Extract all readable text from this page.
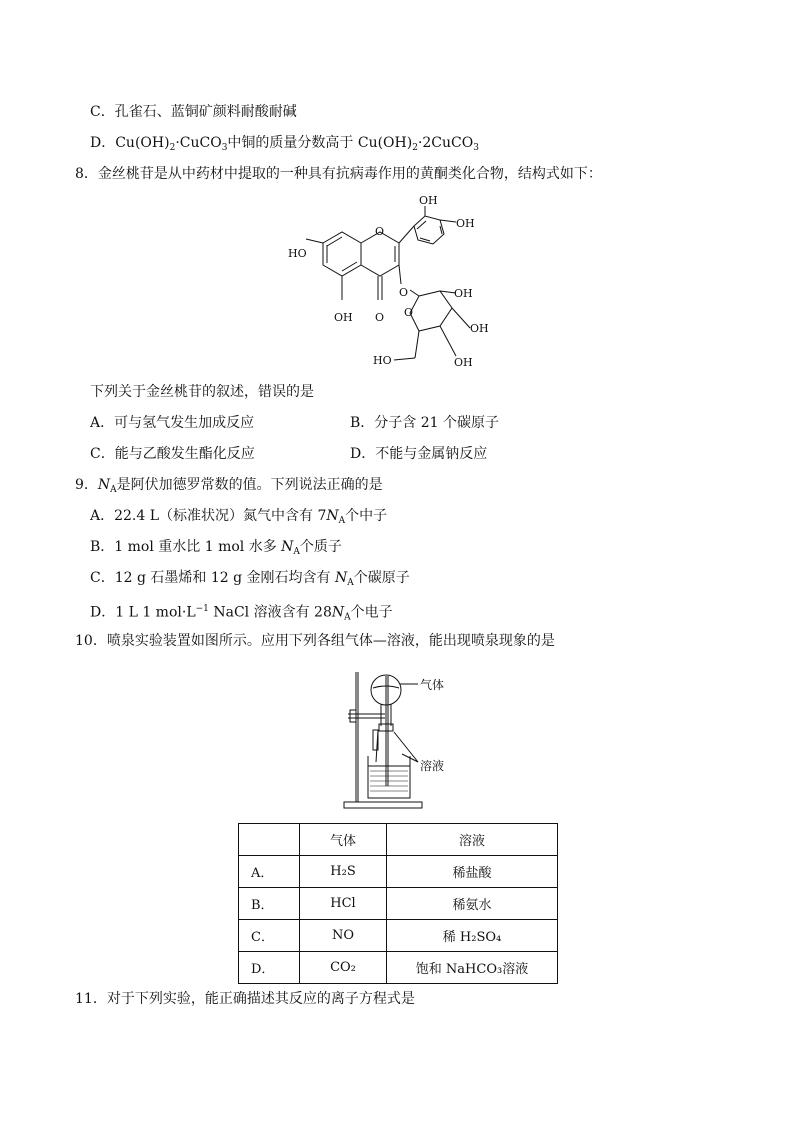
C．孔雀石、蓝铜矿颜料耐酸耐碱
D．$Cu(OH)_2\cdot CuCO_3$中铜的质量分数高于 $Cu(OH)_2\cdot 2CuCO_3$
8．金丝桃苷是从中药材中提取的一种具有抗病毒作用的黄酮类化合物，结构式如下：
HO
OH O
O
O
OH
OH
OH
OH
OH
HO
O
下列关于金丝桃苷的叙述，错误的是
A．可与氢气发生加成反应	B．分子含 21 个碳原子
C．能与乙酸发生酯化反应	D．不能与金属钠反应
9．$N_A$是阿伏加德罗常数的值。下列说法正确的是
A．22.4 L（标准状况）氮气中含有 $7N_A$个中子
B．1 mol 重水比 1 mol 水多 $N_A$个质子
C．12 g 石墨烯和 12 g 金刚石均含有 $N_A$个碳原子
D．1 L 1 $mol\cdot L^{-1}$ NaCl 溶液含有 $28N_A$个电子
10．喷泉实验装置如图所示。应用下列各组气体—溶液，能出现喷泉现象的是
气体
溶液
	气体	溶液
A．	H₂S	稀盐酸
B．	HCl	稀氨水
C．	NO	稀 H₂SO₄
D．	CO₂	饱和 NaHCO₃溶液
11．对于下列实验，能正确描述其反应的离子方程式是
